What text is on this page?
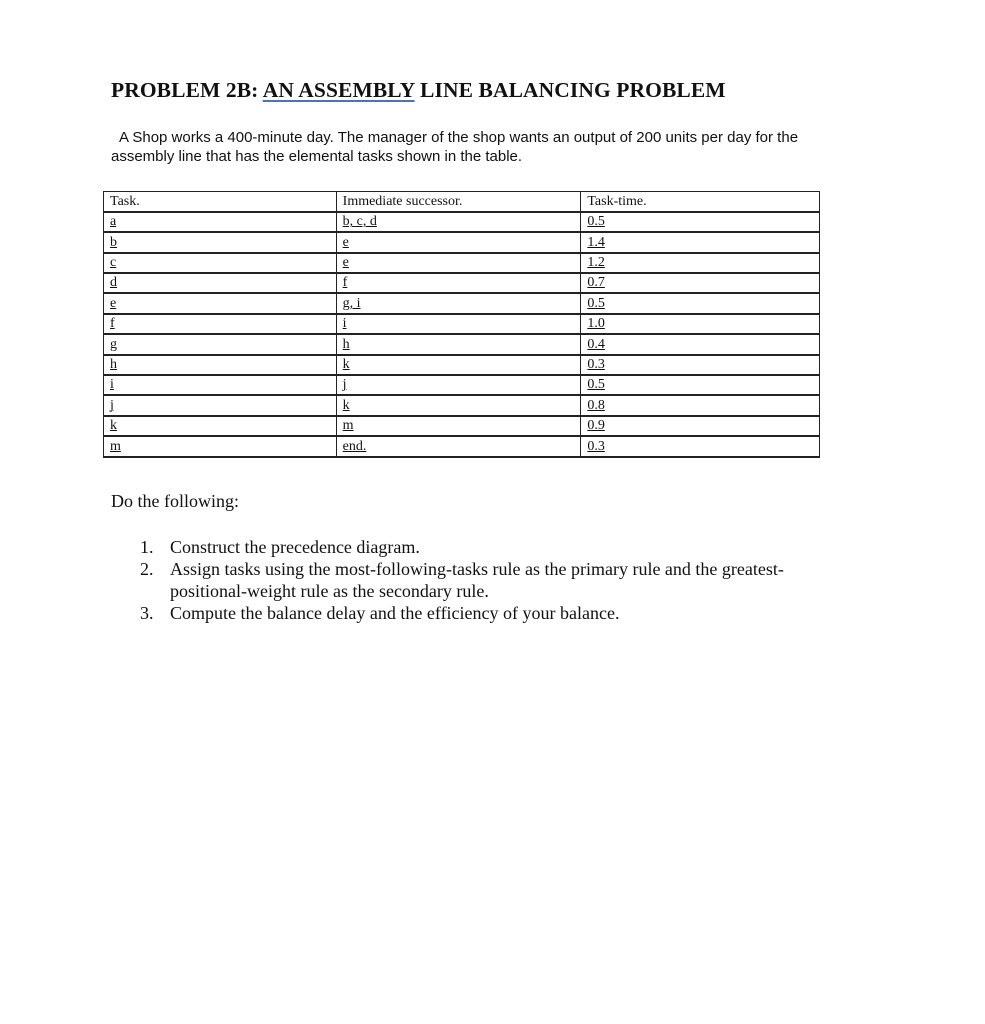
PROBLEM 2B: AN ASSEMBLY LINE BALANCING PROBLEM
A Shop works a 400-minute day. The manager of the shop wants an output of 200 units per day for the
assembly line that has the elemental tasks shown in the table.
Task.	Immediate successor.	Task-time.
a	b, c, d	0.5
b	e	1.4
c	e	1.2
d	f	0.7
e	g, i	0.5
f	i	1.0
g	h	0.4
h	k	0.3
i	j	0.5
j	k	0.8
k	m	0.9
m	end.	0.3
Do the following:
1. Construct the precedence diagram.
2. Assign tasks using the most-following-tasks rule as the primary rule and the greatest-positional-weight rule as the secondary rule.
3. Compute the balance delay and the efficiency of your balance.
